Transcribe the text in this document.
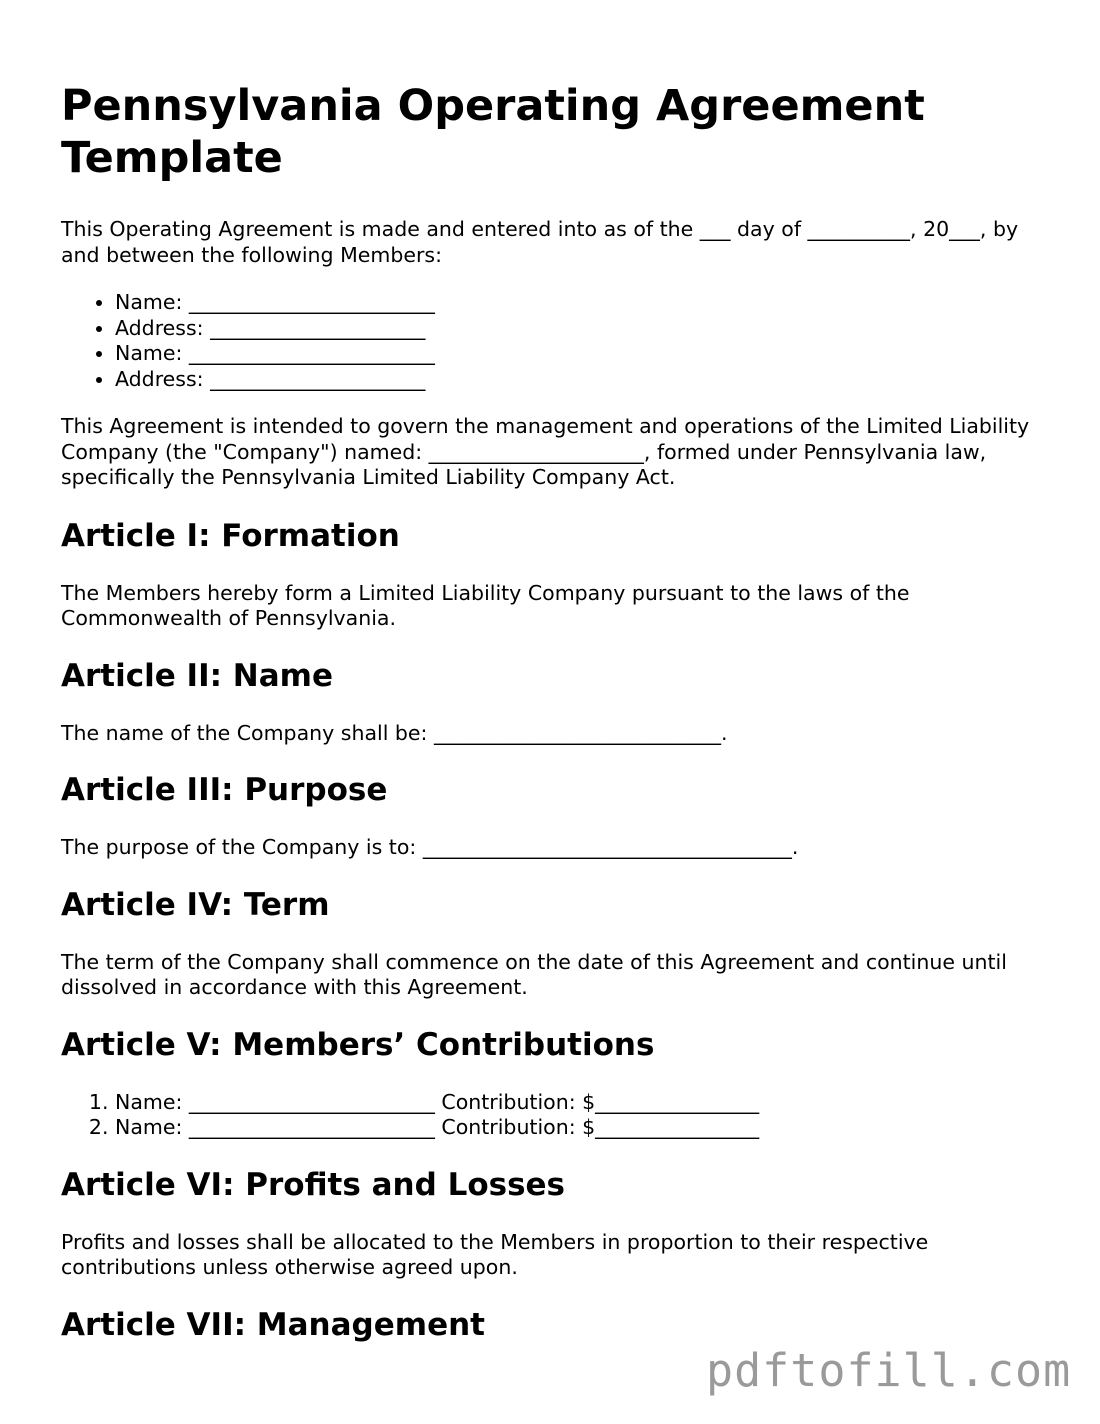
Pennsylvania Operating Agreement Template

This Operating Agreement is made and entered into as of the ___ day of __________, 20___, by and between the following Members:

• Name: ________________________
• Address: _____________________
• Name: ________________________
• Address: _____________________

This Agreement is intended to govern the management and operations of the Limited Liability Company (the "Company") named: _____________________, formed under Pennsylvania law, specifically the Pennsylvania Limited Liability Company Act.

Article I: Formation

The Members hereby form a Limited Liability Company pursuant to the laws of the Commonwealth of Pennsylvania.

Article II: Name

The name of the Company shall be: ____________________________.

Article III: Purpose

The purpose of the Company is to: ____________________________________.

Article IV: Term

The term of the Company shall commence on the date of this Agreement and continue until dissolved in accordance with this Agreement.

Article V: Members’ Contributions
1. Name: ________________________ Contribution: $________________
2. Name: ________________________ Contribution: $________________
Article VI: Profits and Losses

Profits and losses shall be allocated to the Members in proportion to their respective contributions unless otherwise agreed upon.

Article VII: Management
pdftofill.com
